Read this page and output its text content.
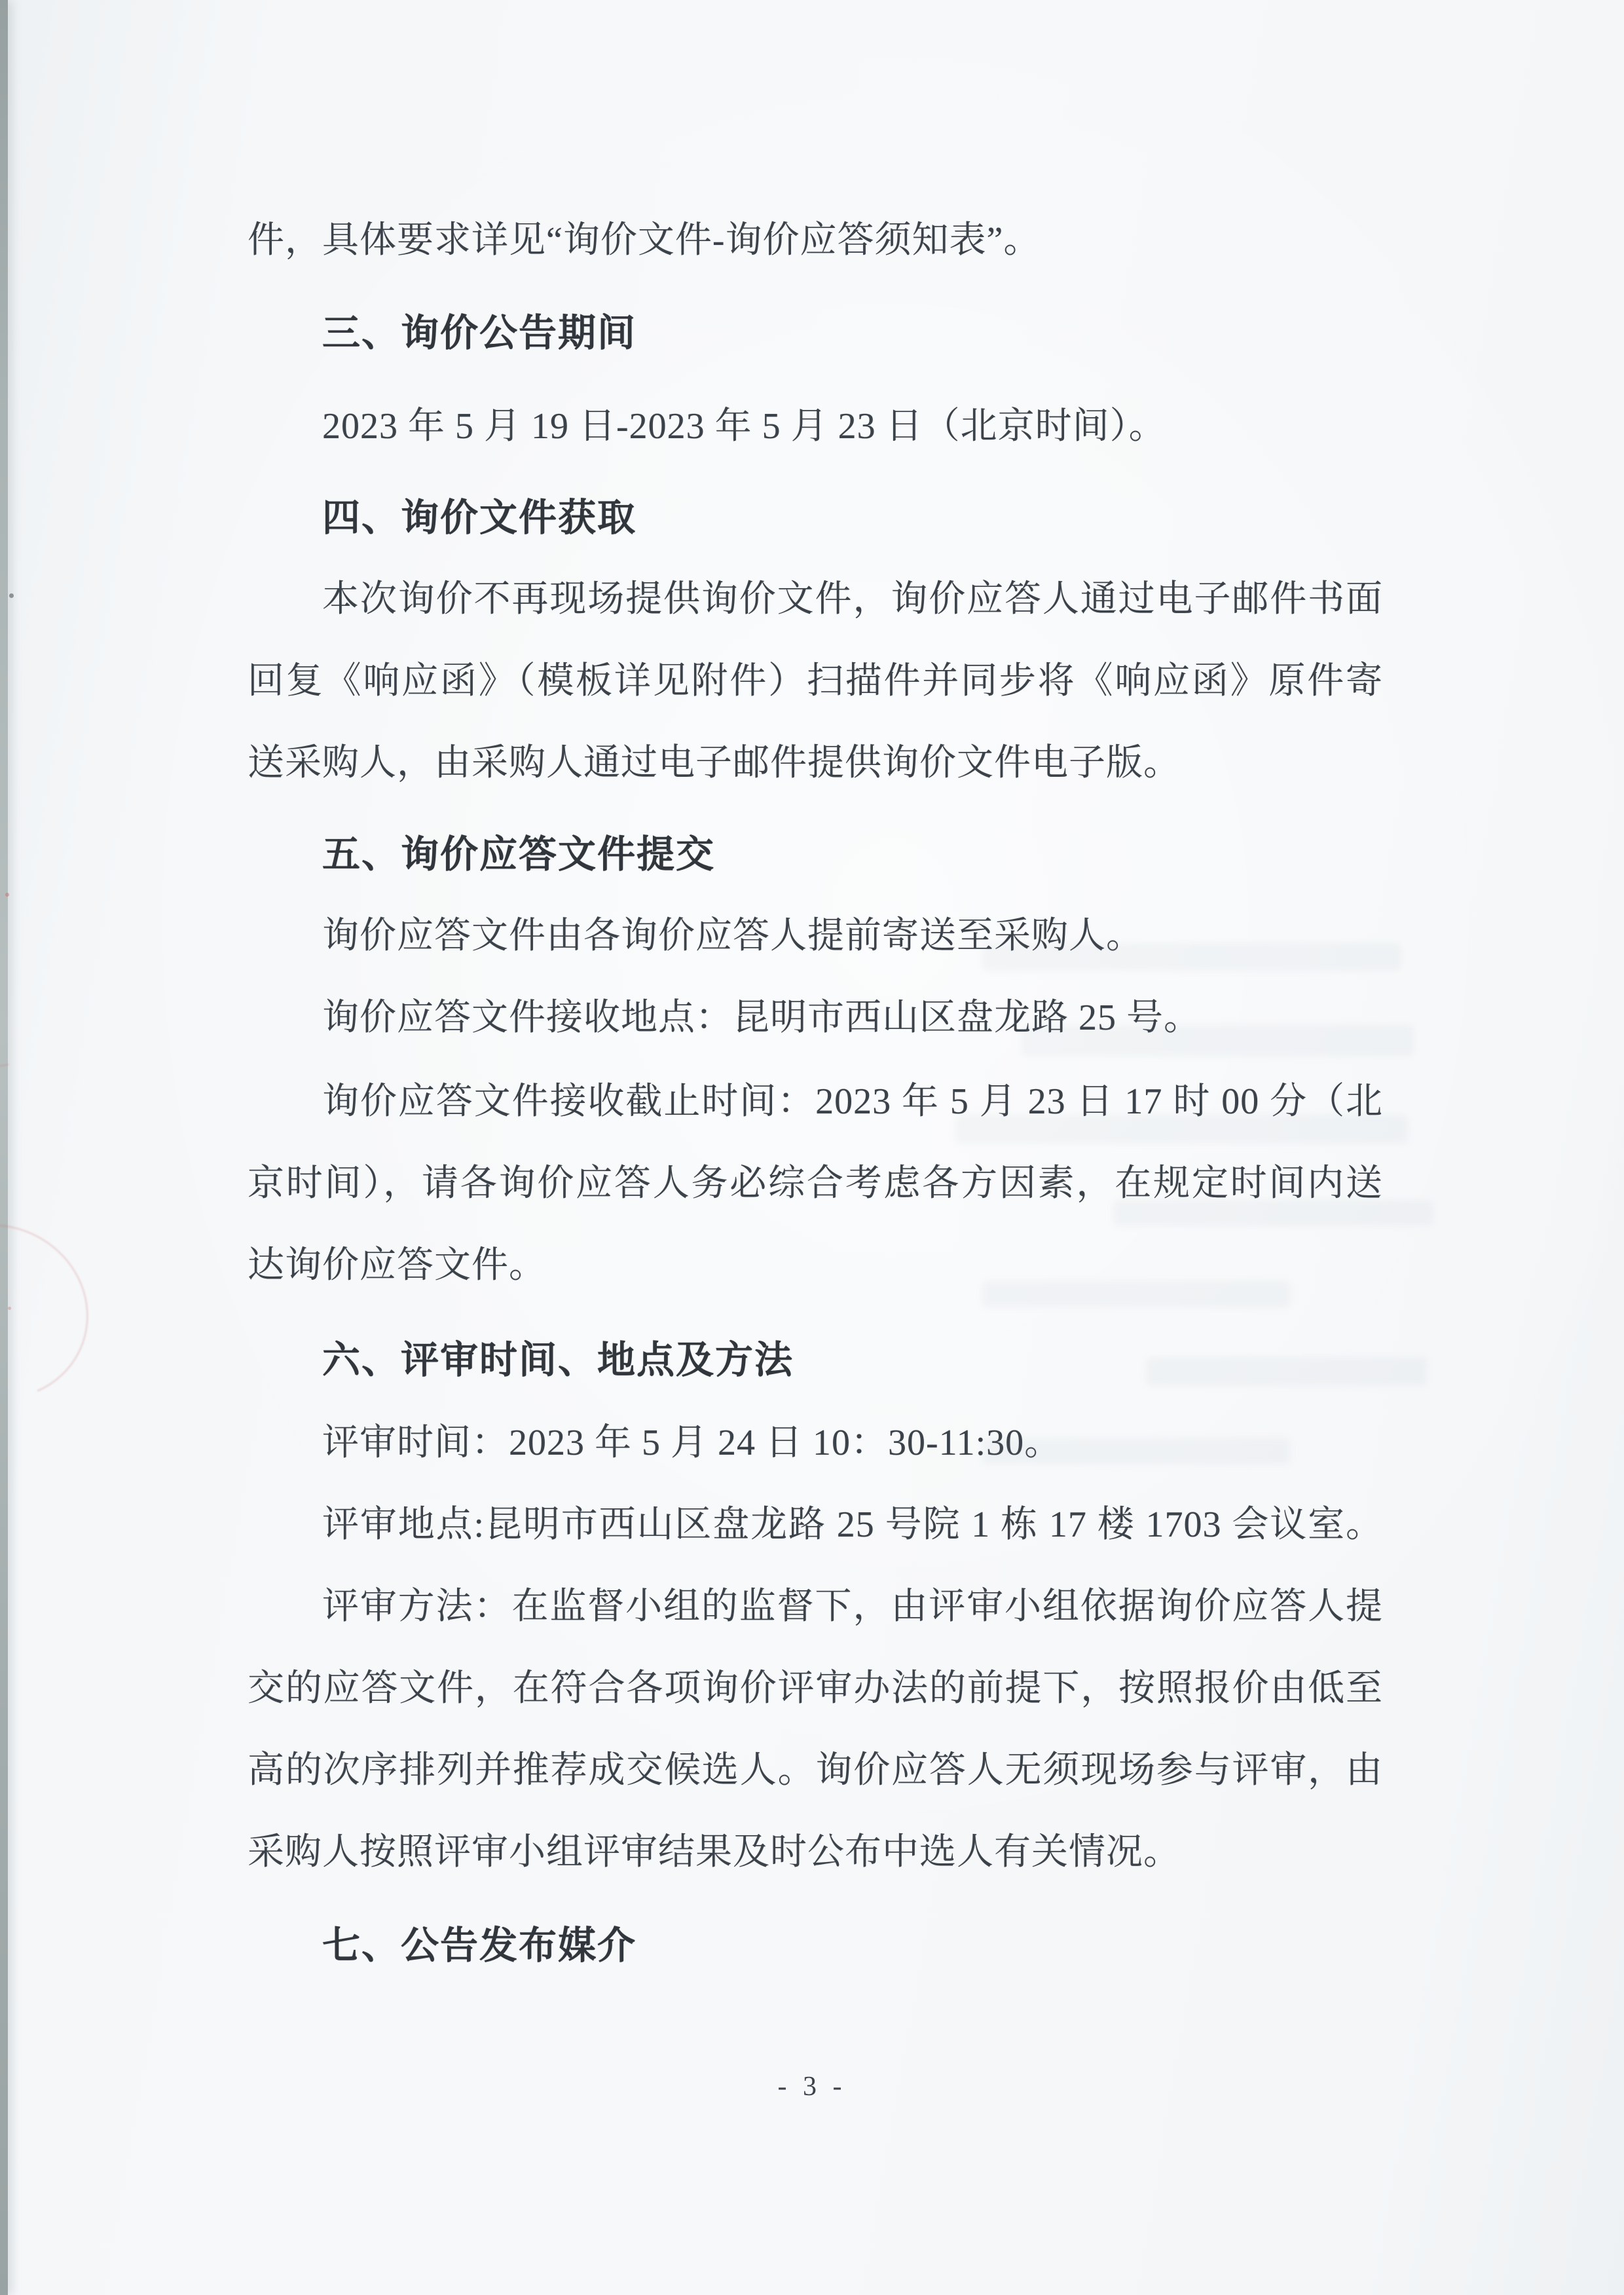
件，具体要求详见“询价文件-询价应答须知表”。
三、询价公告期间
2023 年 5 月 19 日-2023 年 5 月 23 日（北京时间）。
四、询价文件获取
本次询价不再现场提供询价文件，询价应答人通过电子邮件书面
回复《响应函》（模板详见附件）扫描件并同步将《响应函》原件寄
送采购人，由采购人通过电子邮件提供询价文件电子版。
五、询价应答文件提交
询价应答文件由各询价应答人提前寄送至采购人。
询价应答文件接收地点：昆明市西山区盘龙路 25 号。
询价应答文件接收截止时间：2023 年 5 月 23 日 17 时 00 分（北
京时间），请各询价应答人务必综合考虑各方因素，在规定时间内送
达询价应答文件。
六、评审时间、地点及方法
评审时间：2023 年 5 月 24 日 10：30-11:30。
评审地点:昆明市西山区盘龙路 25 号院 1 栋 17 楼 1703 会议室。
评审方法：在监督小组的监督下，由评审小组依据询价应答人提
交的应答文件，在符合各项询价评审办法的前提下，按照报价由低至
高的次序排列并推荐成交候选人。询价应答人无须现场参与评审，由
采购人按照评审小组评审结果及时公布中选人有关情况。
七、公告发布媒介
- 3 -
